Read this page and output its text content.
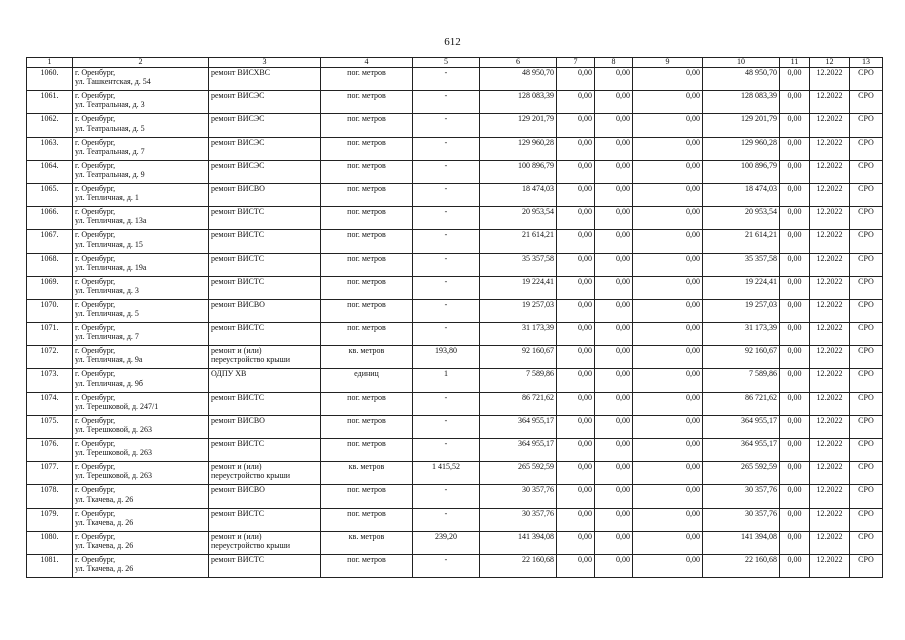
612
1	2	3	4	5	6	7	8	9	10	11	12	13

1060.	г. Оренбург,
ул. Ташкентская, д. 54	ремонт ВИСХВС	пог. метров	-	48 950,70	0,00	0,00	0,00	48 950,70	0,00	12.2022	СРО

1061.	г. Оренбург,
ул. Театральная, д. 3	ремонт ВИСЭС	пог. метров	-	128 083,39	0,00	0,00	0,00	128 083,39	0,00	12.2022	СРО

1062.	г. Оренбург,
ул. Театральная, д. 5	ремонт ВИСЭС	пог. метров	-	129 201,79	0,00	0,00	0,00	129 201,79	0,00	12.2022	СРО

1063.	г. Оренбург,
ул. Театральная, д. 7	ремонт ВИСЭС	пог. метров	-	129 960,28	0,00	0,00	0,00	129 960,28	0,00	12.2022	СРО

1064.	г. Оренбург,
ул. Театральная, д. 9	ремонт ВИСЭС	пог. метров	-	100 896,79	0,00	0,00	0,00	100 896,79	0,00	12.2022	СРО

1065.	г. Оренбург,
ул. Тепличная, д. 1	ремонт ВИСВО	пог. метров	-	18 474,03	0,00	0,00	0,00	18 474,03	0,00	12.2022	СРО

1066.	г. Оренбург,
ул. Тепличная, д. 13а	ремонт ВИСТС	пог. метров	-	20 953,54	0,00	0,00	0,00	20 953,54	0,00	12.2022	СРО

1067.	г. Оренбург,
ул. Тепличная, д. 15	ремонт ВИСТС	пог. метров	-	21 614,21	0,00	0,00	0,00	21 614,21	0,00	12.2022	СРО

1068.	г. Оренбург,
ул. Тепличная, д. 19а	ремонт ВИСТС	пог. метров	-	35 357,58	0,00	0,00	0,00	35 357,58	0,00	12.2022	СРО

1069.	г. Оренбург,
ул. Тепличная, д. 3	ремонт ВИСТС	пог. метров	-	19 224,41	0,00	0,00	0,00	19 224,41	0,00	12.2022	СРО

1070.	г. Оренбург,
ул. Тепличная, д. 5	ремонт ВИСВО	пог. метров	-	19 257,03	0,00	0,00	0,00	19 257,03	0,00	12.2022	СРО

1071.	г. Оренбург,
ул. Тепличная, д. 7	ремонт ВИСТС	пог. метров	-	31 173,39	0,00	0,00	0,00	31 173,39	0,00	12.2022	СРО

1072.	г. Оренбург,
ул. Тепличная, д. 9а	ремонт и (или)
переустройство крыши	кв. метров	193,80	92 160,67	0,00	0,00	0,00	92 160,67	0,00	12.2022	СРО

1073.	г. Оренбург,
ул. Тепличная, д. 9б	ОДПУ ХВ	единиц	1	7 589,86	0,00	0,00	0,00	7 589,86	0,00	12.2022	СРО

1074.	г. Оренбург,
ул. Терешковой, д. 247/1	ремонт ВИСТС	пог. метров	-	86 721,62	0,00	0,00	0,00	86 721,62	0,00	12.2022	СРО

1075.	г. Оренбург,
ул. Терешковой, д. 263	ремонт ВИСВО	пог. метров	-	364 955,17	0,00	0,00	0,00	364 955,17	0,00	12.2022	СРО

1076.	г. Оренбург,
ул. Терешковой, д. 263	ремонт ВИСТС	пог. метров	-	364 955,17	0,00	0,00	0,00	364 955,17	0,00	12.2022	СРО

1077.	г. Оренбург,
ул. Терешковой, д. 263	ремонт и (или)
переустройство крыши	кв. метров	1 415,52	265 592,59	0,00	0,00	0,00	265 592,59	0,00	12.2022	СРО

1078.	г. Оренбург,
ул. Ткачева, д. 26	ремонт ВИСВО	пог. метров	-	30 357,76	0,00	0,00	0,00	30 357,76	0,00	12.2022	СРО

1079.	г. Оренбург,
ул. Ткачева, д. 26	ремонт ВИСТС	пог. метров	-	30 357,76	0,00	0,00	0,00	30 357,76	0,00	12.2022	СРО

1080.	г. Оренбург,
ул. Ткачева, д. 26	ремонт и (или)
переустройство крыши	кв. метров	239,20	141 394,08	0,00	0,00	0,00	141 394,08	0,00	12.2022	СРО

1081.	г. Оренбург,
ул. Ткачева, д. 26	ремонт ВИСТС	пог. метров	-	22 160,68	0,00	0,00	0,00	22 160,68	0,00	12.2022	СРО
